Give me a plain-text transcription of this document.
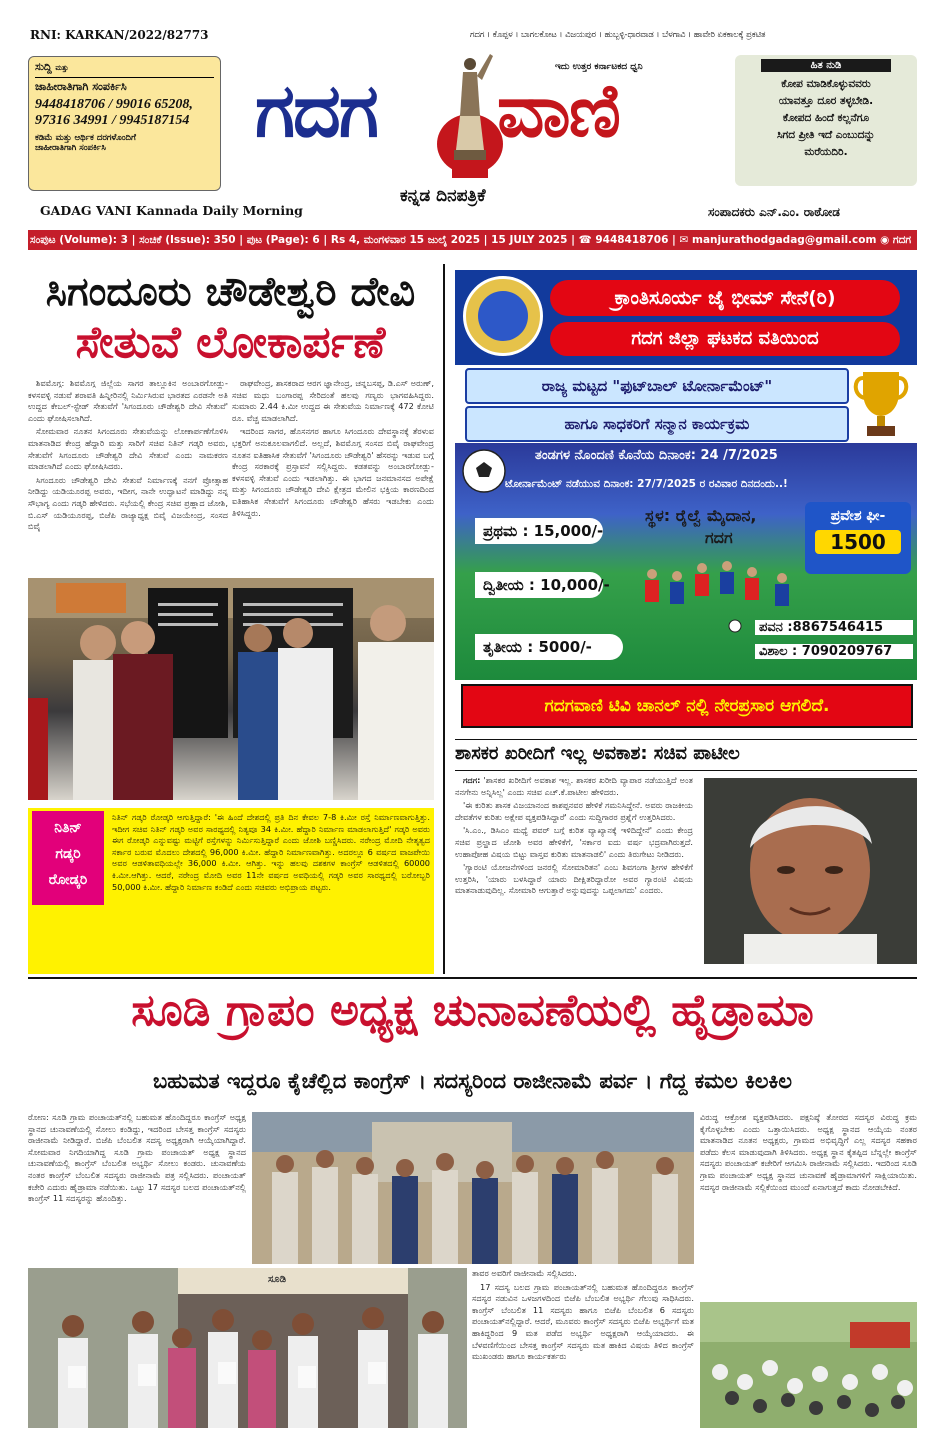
RNI: KARKAN/2022/82773	ಗದಗ । ಕೊಪ್ಪಳ । ಬಾಗಲಕೋಟ । ವಿಜಯಪುರ । ಹುಬ್ಬಳ್ಳಿ-ಧಾರವಾಡ । ಬೆಳಗಾವಿ । ಹಾವೇರಿ ಏಕಕಾಲಕ್ಕೆ ಪ್ರಕಟಿತ
ಸುದ್ದಿ ಮತ್ತು
ಜಾಹೀರಾತಿಗಾಗಿ ಸಂಪರ್ಕಿಸಿ
9448418706 / 99016 65208,
97316 34991 / 9945187154
ಕಡಿಮೆ ಮತ್ತು ಆರ್ಥಿಕ ದರಗಳೊಂದಿಗೆ
ಜಾಹೀರಾತಿಗಾಗಿ ಸಂಪರ್ಕಿಸಿ	ಗದಗ ವಾಣಿ
ಇದು ಉತ್ತರ ಕರ್ನಾಟಕದ ಧ್ವನಿ
ಕನ್ನಡ ದಿನಪತ್ರಿಕೆ
GADAG VANI Kannada Daily Morning	ಸಂಪಾದಕರು ಎನ್.ಎಂ. ರಾಠೋಡ
ಹಿತ ನುಡಿ
ಕೋಪ ಮಾಡಿಕೊಳ್ಳುವವರು
ಯಾವತ್ತೂ ದೂರ ತಳ್ಳಬೇಡಿ.
ಕೋಪದ ಹಿಂದೆ ಕಲ್ಲನೆಗೂ
ಸಿಗದ ಪ್ರೀತಿ ಇದೆ ಎಂಬುದನ್ನು
ಮರೆಯದಿರಿ.
ಸಂಪುಟ (Volume): 3 | ಸಂಚಿಕೆ (Issue): 350 | ಪುಟ (Page): 6 | Rs 4, ಮಂಗಳವಾರ 15 ಜುಲೈ 2025 | 15 JULY 2025 | ☎ 9448418706 | ✉ manjurathodgadag@gmail.com ◉ ಗದಗ
ಸಿಗಂದೂರು ಚೌಡೇಶ್ವರಿ ದೇವಿ
ಸೇತುವೆ ಲೋಕಾರ್ಪಣೆ

ಶಿವಮೊಗ್ಗ: ಶಿವಮೊಗ್ಗ ಜಿಲ್ಲೆಯ ಸಾಗರ ತಾಲ್ಲೂಕಿನ ಅಂಬಾರಗೋಡ್ಲು-ಕಳಸವಳ್ಳಿ ನಡುವೆ ಶರಾವತಿ ಹಿನ್ನೀರಿನಲ್ಲಿ ನಿರ್ಮಿಸಿರುವ ಭಾರತದ ಎರಡನೇ ಅತಿ ಉದ್ದದ ಕೇಬಲ್-ಸ್ಟೇಡ್ ಸೇತುವೆಗೆ 'ಸಿಗಂದೂರು ಚೌಡೇಶ್ವರಿ ದೇವಿ ಸೇತುವೆ' ಎಂದು ಘೋಷಿಸಲಾಗಿದೆ.

ಸೋಮವಾರ ನೂತನ ಸಿಗಂದೂರು ಸೇತುವೆಯನ್ನು ಲೋಕಾರ್ಪಣೆಗೊಳಿಸಿ ಮಾತನಾಡಿದ ಕೇಂದ್ರ ಹೆದ್ದಾರಿ ಮತ್ತು ಸಾರಿಗೆ ಸಚಿವ ನಿತಿನ್ ಗಡ್ಕರಿ ಅವರು, ಸೇತುವೆಗೆ ಸಿಗಂದೂರು ಚೌಡೇಶ್ವರಿ ದೇವಿ ಸೇತುವೆ ಎಂದು ನಾಮಕರಣ ಮಾಡಲಾಗಿದೆ ಎಂದು ಘೋಷಿಸಿದರು.

ಸಿಗಂದೂರು ಚೌಡೇಶ್ವರಿ ದೇವಿ ಸೇತುವೆ ನಿರ್ಮಾಣಕ್ಕೆ ನನಗೆ ಪ್ರೋತ್ಸಾಹ ನೀಡಿದ್ದು ಯಡಿಯೂರಪ್ಪ ಅವರು, ಇದೀಗ, ನಾನೇ ಉದ್ಘಾಟನೆ ಮಾಡಿದ್ದು ನನ್ನ ಸೌಭಾಗ್ಯ ಎಂದು ಗಡ್ಕರಿ ಹೇಳಿದರು. ಸಭೆಯಲ್ಲಿ ಕೇಂದ್ರ ಸಚಿವ ಪ್ರಹ್ಲಾದ ಜೋಶಿ, ಬಿ.ಎಸ್ ಯಡಿಯೂರಪ್ಪ, ಬಿಜೆಪಿ ರಾಜ್ಯಾಧ್ಯಕ್ಷ ಬಿವೈ ವಿಜಯೇಂದ್ರ, ಸಂಸದ ಬಿವೈ

ರಾಘವೇಂದ್ರ, ಶಾಸಕರಾದ ಆರಗ ಜ್ಞಾನೇಂದ್ರ, ಚನ್ನಬಸಪ್ಪ, ಡಿ.ಎಸ್ ಅರುಣ್, ಸಚಿವ ಮಧು ಬಂಗಾರಪ್ಪ ಸೇರಿದಂತೆ ಹಲವು ಗಣ್ಯರು ಭಾಗವಹಿಸಿದ್ದರು. ಸುಮಾರು 2.44 ಕಿ.ಮೀ ಉದ್ದದ ಈ ಸೇತುವೆಯ ನಿರ್ಮಾಣಕ್ಕೆ 472 ಕೋಟಿ ರೂ. ವೆಚ್ಚ ಮಾಡಲಾಗಿದೆ.

ಇದರಿಂದ ಸಾಗರ, ಹೊಸನಗರ ಹಾಗೂ ಸಿಗಂದೂರು ದೇವಸ್ಥಾನಕ್ಕೆ ತೆರಳುವ ಭಕ್ತರಿಗೆ ಅನುಕೂಲವಾಗಲಿದೆ. ಅಲ್ಲದೆ, ಶಿವಮೊಗ್ಗ ಸಂಸದ ಬಿವೈ ರಾಘವೇಂದ್ರ ನೂತನ ಐತಿಹಾಸಿಕ ಸೇತುವೆಗೆ 'ಸಿಗಂದೂರು ಚೌಡೇಶ್ವರಿ' ಹೆಸರನ್ನು ಇಡುವ ಬಗ್ಗೆ ಕೇಂದ್ರ ಸರಕಾರಕ್ಕೆ ಪ್ರಸ್ತಾವನೆ ಸಲ್ಲಿಸಿದ್ದರು. ಕಡತವನ್ನು ಅಂಬಾರಗೋಡ್ಲು-ಕಳಸವಳ್ಳಿ ಸೇತುವೆ ಎಂದು ಇಡಲಾಗಿತ್ತು. ಈ ಭಾಗದ ಜನಮಾನಸದ ಅಪೇಕ್ಷೆ ಮತ್ತು ಸಿಗಂದೂರು ಚೌಡೇಶ್ವರಿ ದೇವಿ ಕ್ಷೇತ್ರದ ಮೇಲಿನ ಭಕ್ತಿಯ ಕಾರಣದಿಂದ ಐತಿಹಾಸಿಕ ಸೇತುವೆಗೆ ಸಿಗಂದೂರು ಚೌಡೇಶ್ವರಿ ಹೆಸರು ಇಡಬೇಕು ಎಂದು ತಿಳಿಸಿದ್ದರು.

ನಿತಿನ್
ಗಡ್ಕರಿ
ರೋಡ್ಕರಿ
ನಿತಿನ್ ಗಡ್ಕರಿ ರೋಡ್ಕರಿ ಆಗುತ್ತಿದ್ದಾರೆ: 'ಈ ಹಿಂದೆ ದೇಶದಲ್ಲಿ ಪ್ರತಿ ದಿನ ಕೇವಲ 7-8 ಕಿ.ಮೀ ರಸ್ತೆ ನಿರ್ಮಾಣವಾಗುತ್ತಿತ್ತು. ಇದೀಗ ಸಚಿವ ನಿತಿನ್ ಗಡ್ಕರಿ ಅವರ ಸಾರಥ್ಯದಲ್ಲಿ ನಿತ್ಯವೂ 34 ಕಿ.ಮೀ. ಹೆದ್ದಾರಿ ನಿರ್ಮಾಣ ಮಾಡಲಾಗುತ್ತಿದೆ' ಗಡ್ಕರಿ ಅವರು ಈಗ ರೋಡ್ಕರಿ ಎನ್ನುವಷ್ಟು ಮಟ್ಟಿಗೆ ರಸ್ತೆಗಳನ್ನು ನಿರ್ಮಿಸುತ್ತಿದ್ದಾರೆ ಎಂದು ಜೋಶಿ ಬಣ್ಣಿಸಿದರು. ನರೇಂದ್ರ ಮೋದಿ ನೇತೃತ್ವದ ಸರ್ಕಾರ ಬರುವ ಮೊದಲು ದೇಶದಲ್ಲಿ 96,000 ಕಿ.ಮೀ. ಹೆದ್ದಾರಿ ನಿರ್ಮಾಣವಾಗಿತ್ತು. ಅದರಲ್ಲೂ 6 ವರ್ಷದ ವಾಜಪೇಯಿ ಅವರ ಆಡಳಿತಾವಧಿಯಲ್ಲೇ 36,000 ಕಿ.ಮೀ. ಆಗಿತ್ತು. ಇನ್ನು ಹಲವು ದಶಕಗಳ ಕಾಂಗ್ರೆಸ್ ಆಡಳಿತದಲ್ಲಿ 60000 ಕಿ.ಮೀ.ಆಗಿತ್ತು. ಆದರೆ, ನರೇಂದ್ರ ಮೋದಿ ಅವರ 11ನೇ ವರ್ಷದ ಅವಧಿಯಲ್ಲಿ ಗಡ್ಕರಿ ಅವರ ಸಾರಥ್ಯದಲ್ಲಿ ಬರೋಬ್ಬರಿ 50,000 ಕಿ.ಮೀ. ಹೆದ್ದಾರಿ ನಿರ್ಮಾಣ ಕಂಡಿದೆ ಎಂದು ಸಚಿವರು ಅಭಿಪ್ರಾಯ ಪಟ್ಟರು.
ಕ್ರಾಂತಿಸೂರ್ಯ ಜೈ ಭೀಮ್ ಸೇನೆ(ರಿ)
ಗದಗ ಜಿಲ್ಲಾ ಘಟಕದ ವತಿಯಿಂದ
ರಾಜ್ಯ ಮಟ್ಟದ "ಫುಟ್‌ಬಾಲ್ ಟೋರ್ನಾಮೆಂಟ್"
ಹಾಗೂ ಸಾಧಕರಿಗೆ ಸನ್ಮಾನ ಕಾರ್ಯಕ್ರಮ
ತಂಡಗಳ ನೊಂದಣಿ ಕೊನೆಯ ದಿನಾಂಕ: 24 /7/2025
ಟೋರ್ನಾಮೆಂಟ್ ನಡೆಯುವ ದಿನಾಂಕ: 27/7/2025 ರ ರವಿವಾರ ದಿನದಂದು..!
ಪ್ರಥಮ : 15,000/-
ದ್ವಿತೀಯ : 10,000/-
ತೃತೀಯ : 5000/-
ಸ್ಥಳ: ರೈಲ್ವೆ ಮೈದಾನ,
ಗದಗ
ಪ್ರವೇಶ ಫೀ-
1500
ಪವನ :8867546415
ವಿಶಾಲ : 7090209767
ಗದಗವಾಣಿ ಟಿವಿ ಚಾನಲ್ ನಲ್ಲಿ ನೇರಪ್ರಸಾರ ಆಗಲಿದೆ.
ಶಾಸಕರ ಖರೀದಿಗೆ ಇಲ್ಲ ಅವಕಾಶ: ಸಚಿವ ಪಾಟೀಲ

ಗದಗ: 'ಶಾಸಕರ ಖರೀದಿಗೆ ಅವಕಾಶ ಇಲ್ಲ. ಶಾಸಕರ ಖರೀದಿ ವ್ಯಾಪಾರ ನಡೆಯುತ್ತಿದೆ ಅಂತ ನನಗೇನು ಅನ್ನಿಸಿಲ್ಲ' ಎಂದು ಸಚಿವ ಎಚ್.ಕೆ.ಪಾಟೀಲ ಹೇಳಿದರು.

'ಈ ಕುರಿತು ಶಾಸಕ ವಿಜಯಾನಂದ ಕಾಶಪ್ಪನವರ ಹೇಳಿಕೆ ಗಮನಿಸಿದ್ದೇನೆ. ಅವರು ರಾಜಕೀಯ ದೇವತೆಗಳ ಕುರಿತು ಅಕ್ಷೇಪ ವ್ಯಕ್ತಪಡಿಸಿದ್ದಾರೆ' ಎಂದು ಸುದ್ದಿಗಾರರ ಪ್ರಶ್ನೆಗೆ ಉತ್ತರಿಸಿದರು.

'ಸಿ.ಎಂ., ಡಿಸಿಎಂ ಮಧ್ಯೆ ಪವರ್ ಬಗ್ಗೆ ಕುರಿತ ವ್ಯಾಖ್ಯಾನಕ್ಕೆ ಇಳಿದಿದ್ದೇನೆ' ಎಂದು ಕೇಂದ್ರ ಸಚಿವ ಪ್ರಲ್ಹಾದ ಜೋಶಿ ಅವರ ಹೇಳಿಕೆಗೆ, 'ಸರ್ಕಾರ ಐದು ವರ್ಷ ಭದ್ರವಾಗಿರುತ್ತದೆ. ಉಹಾಪೋಹ ವಿಷಯ ಬಿಟ್ಟು ವಾಸ್ತವ ಕುರಿತು ಮಾತನಾಡಲಿ' ಎಂದು ತಿರುಗೇಟು ನೀಡಿದರು.

'ಗ್ಯಾರಂಟಿ ಯೋಜನೆಗಳಿಂದ ಜನರಲ್ಲಿ ಸೋಮಾರಿತನ' ಎಂಬ ಶಿವಗಂಗಾ ಶ್ರೀಗಳ ಹೇಳಿಕೆಗೆ ಉತ್ತರಿಸಿ, 'ಯಾರು ಬಳಸಿದ್ದಾರೆ ಯಾರು ದೀಕ್ಷಿತರಿದ್ದಾರೋ ಅವರ ಗ್ಯಾರಂಟಿ ವಿಷಯ ಮಾತನಾಡುವುದಿಲ್ಲ. ಸೋಮಾರಿ ಆಗುತ್ತಾರೆ ಅನ್ನುವುದನ್ನು ಒಪ್ಪಲಾಗದು' ಎಂದರು.

ಸೂಡಿ ಗ್ರಾಪಂ ಅಧ್ಯಕ್ಷ ಚುನಾವಣೆಯಲ್ಲಿ ಹೈಡ್ರಾಮಾ
ಬಹುಮತ ಇದ್ದರೂ ಕೈಚೆಲ್ಲಿದ ಕಾಂಗ್ರೆಸ್ । ಸದಸ್ಯರಿಂದ ರಾಜೀನಾಮೆ ಪರ್ವ । ಗೆದ್ದ ಕಮಲ ಕಿಲಕಿಲ
ರೋಣ: ಸೂಡಿ ಗ್ರಾಮ ಪಂಚಾಯತ್‌ನಲ್ಲಿ ಬಹುಮತ ಹೊಂದಿದ್ದರೂ ಕಾಂಗ್ರೆಸ್ ಅಧ್ಯಕ್ಷ ಸ್ಥಾನದ ಚುನಾವಣೆಯಲ್ಲಿ ಸೋಲು ಕಂಡಿದ್ದು, ಇದರಿಂದ ಬೇಸತ್ತ ಕಾಂಗ್ರೆಸ್ ಸದಸ್ಯರು ರಾಜೀನಾಮೆ ನೀಡಿದ್ದಾರೆ. ಬಿಜೆಪಿ ಬೆಂಬಲಿತ ಸದಸ್ಯ ಅಧ್ಯಕ್ಷರಾಗಿ ಆಯ್ಕೆಯಾಗಿದ್ದಾರೆ. ಸೋಮವಾರ ನಿಗದಿಯಾಗಿದ್ದ ಸೂಡಿ ಗ್ರಾಮ ಪಂಚಾಯತ್ ಅಧ್ಯಕ್ಷ ಸ್ಥಾನದ ಚುನಾವಣೆಯಲ್ಲಿ ಕಾಂಗ್ರೆಸ್ ಬೆಂಬಲಿತ ಅಭ್ಯರ್ಥಿ ಸೋಲು ಕಂಡರು. ಚುನಾವಣೆಯ ನಂತರ ಕಾಂಗ್ರೆಸ್ ಬೆಂಬಲಿತ ಸದಸ್ಯರು ರಾಜೀನಾಮೆ ಪತ್ರ ಸಲ್ಲಿಸಿದರು. ಪಂಚಾಯತ್ ಕಚೇರಿ ಎದುರು ಹೈಡ್ರಾಮಾ ನಡೆಯಿತು. ಒಟ್ಟು 17 ಸದಸ್ಯರ ಬಲದ ಪಂಚಾಯತ್‌ನಲ್ಲಿ ಕಾಂಗ್ರೆಸ್ 11 ಸದಸ್ಯರನ್ನು ಹೊಂದಿತ್ತು.
ವಿರುದ್ಧ ಆಕ್ರೋಶ ವ್ಯಕ್ತಪಡಿಸಿದರು. ಪಕ್ಷನಿಷ್ಠೆ ತೋರದ ಸದಸ್ಯರ ವಿರುದ್ಧ ಕ್ರಮ ಕೈಗೊಳ್ಳಬೇಕು ಎಂದು ಒತ್ತಾಯಿಸಿದರು. ಅಧ್ಯಕ್ಷ ಸ್ಥಾನದ ಆಯ್ಕೆಯ ನಂತರ ಮಾತನಾಡಿದ ನೂತನ ಅಧ್ಯಕ್ಷರು, ಗ್ರಾಮದ ಅಭಿವೃದ್ಧಿಗೆ ಎಲ್ಲ ಸದಸ್ಯರ ಸಹಕಾರ ಪಡೆದು ಕೆಲಸ ಮಾಡುವುದಾಗಿ ತಿಳಿಸಿದರು. ಅಧ್ಯಕ್ಷ ಸ್ಥಾನ ಕೈತಪ್ಪಿದ ಬೆನ್ನಲ್ಲೇ ಕಾಂಗ್ರೆಸ್ ಸದಸ್ಯರು ಪಂಚಾಯತ್ ಕಚೇರಿಗೆ ಆಗಮಿಸಿ ರಾಜೀನಾಮೆ ಸಲ್ಲಿಸಿದರು. ಇದರಿಂದ ಸೂಡಿ ಗ್ರಾಮ ಪಂಚಾಯತ್ ಅಧ್ಯಕ್ಷ ಸ್ಥಾನದ ಚುನಾವಣೆ ಹೈಡ್ರಾಮಾಗಳಿಗೆ ಸಾಕ್ಷಿಯಾಯಿತು. ಸದಸ್ಯರ ರಾಜೀನಾಮೆ ಸಲ್ಲಿಕೆಯಿಂದ ಮುಂದೆ ಏನಾಗುತ್ತದೆ ಕಾದು ನೋಡಬೇಕಿದೆ.
ಸೂಡಿ

ತಾವರ ಅವರಿಗೆ ರಾಜೀನಾಮೆ ಸಲ್ಲಿಸಿದರು.

17 ಸದಸ್ಯ ಬಲದ ಗ್ರಾಮ ಪಂಚಾಯತ್‌ನಲ್ಲಿ ಬಹುಮತ ಹೊಂದಿದ್ದರೂ ಕಾಂಗ್ರೆಸ್ ಸದಸ್ಯರ ನಡುವಿನ ಒಳಜಗಳದಿಂದ ಬಿಜೆಪಿ ಬೆಂಬಲಿತ ಅಭ್ಯರ್ಥಿ ಗೆಲುವು ಸಾಧಿಸಿದರು. ಕಾಂಗ್ರೆಸ್ ಬೆಂಬಲಿತ 11 ಸದಸ್ಯರು ಹಾಗೂ ಬಿಜೆಪಿ ಬೆಂಬಲಿತ 6 ಸದಸ್ಯರು ಪಂಚಾಯತ್‌ನಲ್ಲಿದ್ದಾರೆ. ಆದರೆ, ಮೂವರು ಕಾಂಗ್ರೆಸ್ ಸದಸ್ಯರು ಬಿಜೆಪಿ ಅಭ್ಯರ್ಥಿಗೆ ಮತ ಹಾಕಿದ್ದರಿಂದ 9 ಮತ ಪಡೆದ ಅಭ್ಯರ್ಥಿ ಅಧ್ಯಕ್ಷರಾಗಿ ಆಯ್ಕೆಯಾದರು. ಈ ಬೆಳವಣಿಗೆಯಿಂದ ಬೇಸತ್ತ ಕಾಂಗ್ರೆಸ್ ಸದಸ್ಯರು ಮತ ಹಾಕಿದ ವಿಷಯ ತಿಳಿದ ಕಾಂಗ್ರೆಸ್ ಮುಖಂಡರು ಹಾಗೂ ಕಾರ್ಯಕರ್ತರು
